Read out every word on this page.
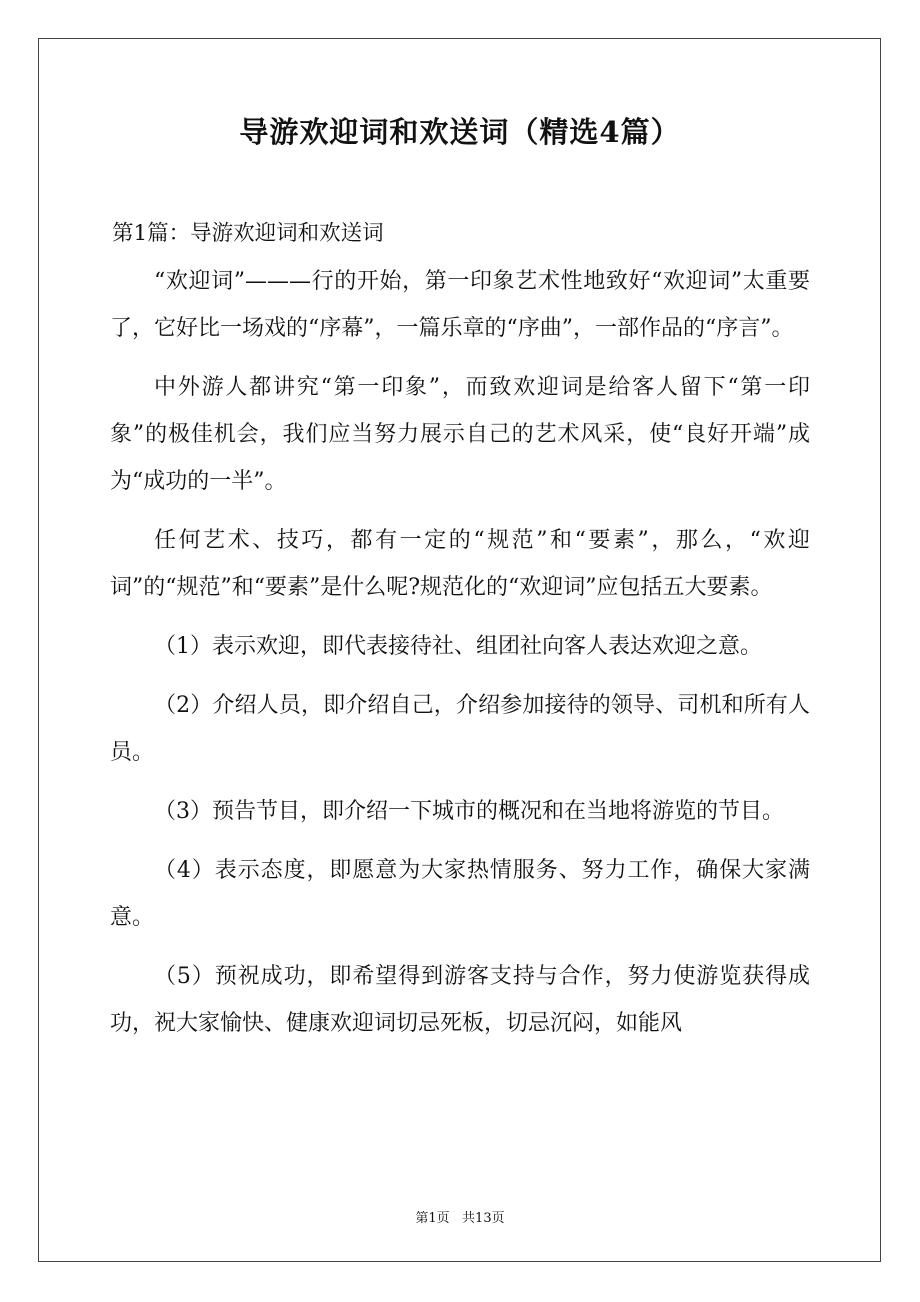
导游欢迎词和欢送词（精选4篇）

第1篇：导游欢迎词和欢送词

“欢迎词”———行的开始，第一印象艺术性地致好“欢迎词”太重要了，它好比一场戏的“序幕”，一篇乐章的“序曲”，一部作品的“序言”。

中外游人都讲究“第一印象”，而致欢迎词是给客人留下“第一印象”的极佳机会，我们应当努力展示自己的艺术风采，使“良好开端”成为“成功的一半”。

任何艺术、技巧，都有一定的“规范”和“要素”，那么，“欢迎词”的“规范”和“要素”是什么呢?规范化的“欢迎词”应包括五大要素。

（1）表示欢迎，即代表接待社、组团社向客人表达欢迎之意。

（2）介绍人员，即介绍自己，介绍参加接待的领导、司机和所有人员。

（3）预告节目，即介绍一下城市的概况和在当地将游览的节目。

（4）表示态度，即愿意为大家热情服务、努力工作，确保大家满意。

（5）预祝成功，即希望得到游客支持与合作，努力使游览获得成功，祝大家愉快、健康欢迎词切忌死板，切忌沉闷，如能风

第1页   共13页
